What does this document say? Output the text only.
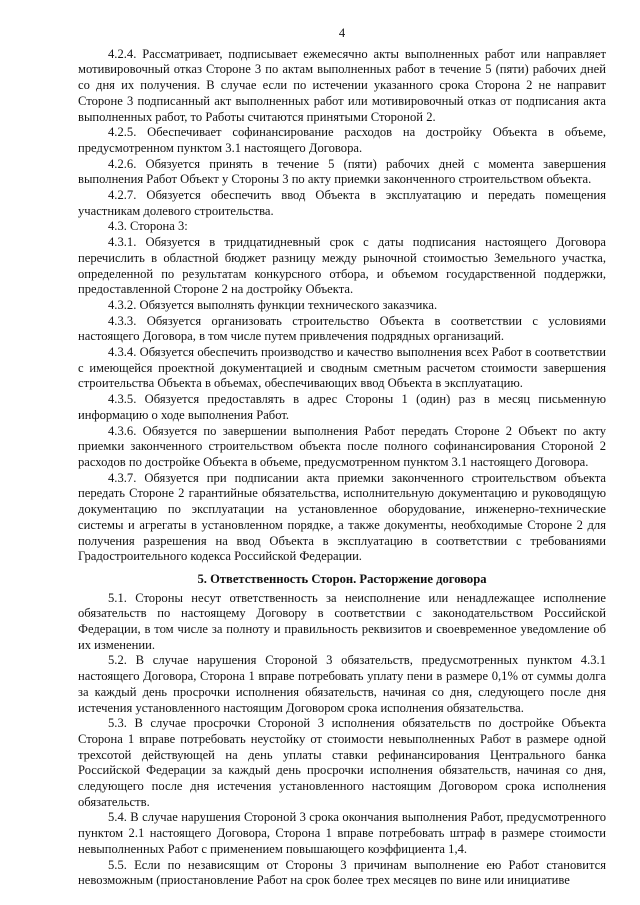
4

4.2.4. Рассматривает, подписывает ежемесячно акты выполненных работ или направляет мотивировочный отказ Стороне 3 по актам выполненных работ в течение 5 (пяти) рабочих дней со дня их получения. В случае если по истечении указанного срока Сторона 2 не направит Стороне 3 подписанный акт выполненных работ или мотивировочный отказ от подписания акта выполненных работ, то Работы считаются принятыми Стороной 2.

4.2.5. Обеспечивает софинансирование расходов на достройку Объекта в объеме, предусмотренном пунктом 3.1 настоящего Договора.

4.2.6. Обязуется принять в течение 5 (пяти) рабочих дней с момента завершения выполнения Работ Объект у Стороны 3 по акту приемки законченного строительством объекта.

4.2.7. Обязуется обеспечить ввод Объекта в эксплуатацию и передать помещения участникам долевого строительства.

4.3. Сторона 3:

4.3.1. Обязуется в тридцатидневный срок с даты подписания настоящего Договора перечислить в областной бюджет разницу между рыночной стоимостью Земельного участка, определенной по результатам конкурсного отбора, и объемом государственной поддержки, предоставленной Стороне 2 на достройку Объекта.

4.3.2. Обязуется выполнять функции технического заказчика.

4.3.3. Обязуется организовать строительство Объекта в соответствии с условиями настоящего Договора, в том числе путем привлечения подрядных организаций.

4.3.4. Обязуется обеспечить производство и качество выполнения всех Работ в соответствии с имеющейся проектной документацией и сводным сметным расчетом стоимости завершения строительства Объекта в объемах, обеспечивающих ввод Объекта в эксплуатацию.

4.3.5. Обязуется предоставлять в адрес Стороны 1 (один) раз в месяц письменную информацию о ходе выполнения Работ.

4.3.6. Обязуется по завершении выполнения Работ передать Стороне 2 Объект по акту приемки законченного строительством объекта после полного софинансирования Стороной 2 расходов по достройке Объекта в объеме, предусмотренном пунктом 3.1 настоящего Договора.

4.3.7. Обязуется при подписании акта приемки законченного строительством объекта передать Стороне 2 гарантийные обязательства, исполнительную документацию и руководящую документацию по эксплуатации на установленное оборудование, инженерно-технические системы и агрегаты в установленном порядке, а также документы, необходимые Стороне 2 для получения разрешения на ввод Объекта в эксплуатацию в соответствии с требованиями Градостроительного кодекса Российской Федерации.

5. Ответственность Сторон. Расторжение договора

5.1. Стороны несут ответственность за неисполнение или ненадлежащее исполнение обязательств по настоящему Договору в соответствии с законодательством Российской Федерации, в том числе за полноту и правильность реквизитов и своевременное уведомление об их изменении.

5.2. В случае нарушения Стороной 3 обязательств, предусмотренных пунктом 4.3.1 настоящего Договора, Сторона 1 вправе потребовать уплату пени в размере 0,1% от суммы долга за каждый день просрочки исполнения обязательств, начиная со дня, следующего после дня истечения установленного настоящим Договором срока исполнения обязательства.

5.3. В случае просрочки Стороной 3 исполнения обязательств по достройке Объекта Сторона 1 вправе потребовать неустойку от стоимости невыполненных Работ в размере одной трехсотой действующей на день уплаты ставки рефинансирования Центрального банка Российской Федерации за каждый день просрочки исполнения обязательств, начиная со дня, следующего после дня истечения установленного настоящим Договором срока исполнения обязательств.

5.4. В случае нарушения Стороной 3 срока окончания выполнения Работ, предусмотренного пунктом 2.1 настоящего Договора, Сторона 1 вправе потребовать штраф в размере стоимости невыполненных Работ с применением повышающего коэффициента 1,4.

5.5. Если по независящим от Стороны 3 причинам выполнение ею Работ становится невозможным (приостановление Работ на срок более трех месяцев по вине или инициативе
